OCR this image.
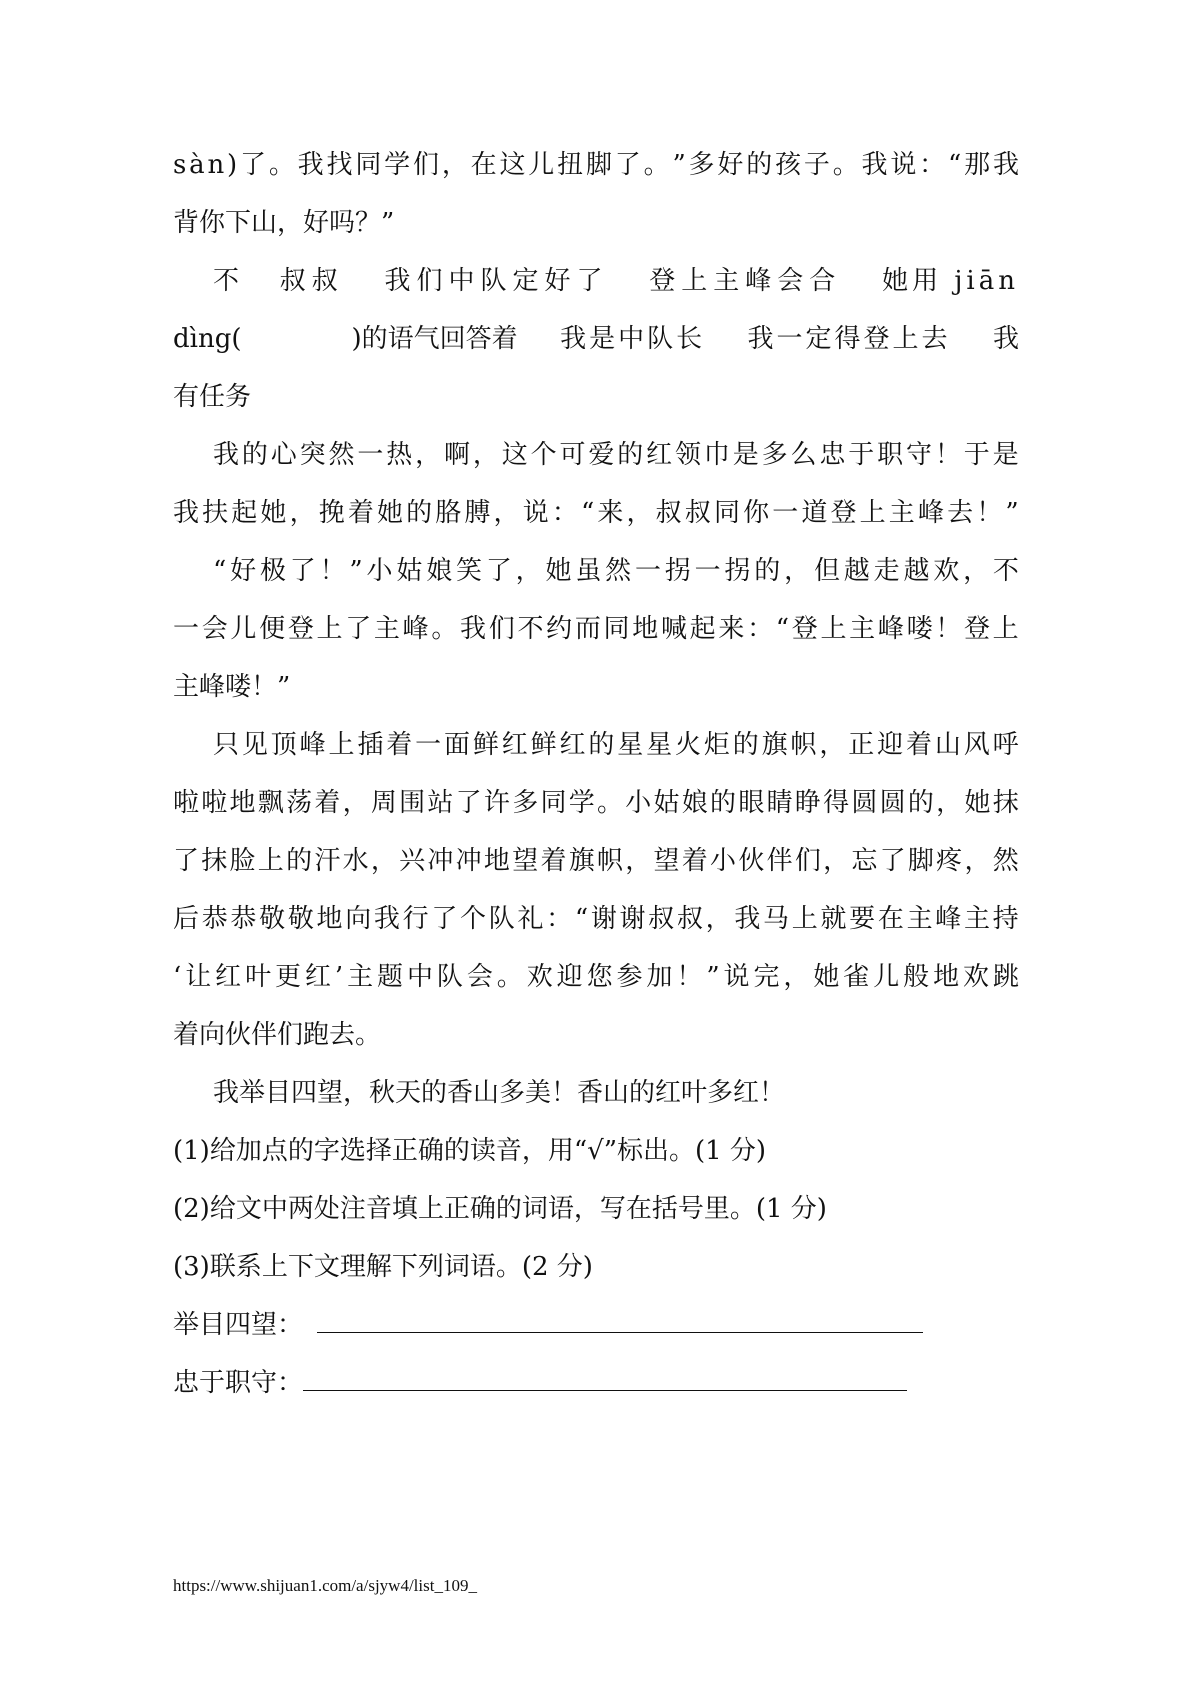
s à n ) 了 。 我 找 同 学 们 ， 在 这 儿 扭 脚 了 。 ” 多 好 的 孩 子 。 我 说 ： “ 那 我
背你下山，好吗？”
不 叔叔 我们中队定好了 登上主峰会合 她用 jiān
dìng(	)的语气回答着 我是中队长 我一定得登上去 我
有任务
我 的 心 突 然 一 热 ， 啊 ， 这 个 可 爱 的 红 领 巾 是 多 么 忠 于 职 守 ！ 于 是
我 扶 起 她 ， 挽 着 她 的 胳 膊 ， 说 ： “ 来 ， 叔 叔 同 你 一 道 登 上 主 峰 去 ！ ”
“ 好 极 了 ！ ” 小 姑 娘 笑 了 ， 她 虽 然 一 拐 一 拐 的 ， 但 越 走 越 欢 ， 不
一 会 儿 便 登 上 了 主 峰 。 我 们 不 约 而 同 地 喊 起 来 ： “ 登 上 主 峰 喽 ！ 登 上
主峰喽！”
只 见 顶 峰 上 插 着 一 面 鲜 红 鲜 红 的 星 星 火 炬 的 旗 帜 ， 正 迎 着 山 风 呼
啦 啦 地 飘 荡 着 ， 周 围 站 了 许 多 同 学 。 小 姑 娘 的 眼 睛 睁 得 圆 圆 的 ， 她 抹
了 抹 脸 上 的 汗 水 ， 兴 冲 冲 地 望 着 旗 帜 ， 望 着 小 伙 伴 们 ， 忘 了 脚 疼 ， 然
后 恭 恭 敬 敬 地 向 我 行 了 个 队 礼 ： “ 谢 谢 叔 叔 ， 我 马 上 就 要 在 主 峰 主 持
‘ 让 红 叶 更 红 ’ 主 题 中 队 会 。 欢 迎 您 参 加 ！ ” 说 完 ， 她 雀 儿 般 地 欢 跳
着向伙伴们跑去。
我举目四望，秋天的香山多美！香山的红叶多红！
(1)给加点的字选择正确的读音，用“√”标出。(1 分)
(2)给文中两处注音填上正确的词语，写在括号里。(1 分)
(3)联系上下文理解下列词语。(2 分)
举目四望：
忠于职守：
https://www.shijuan1.com/a/sjyw4/list_109_
